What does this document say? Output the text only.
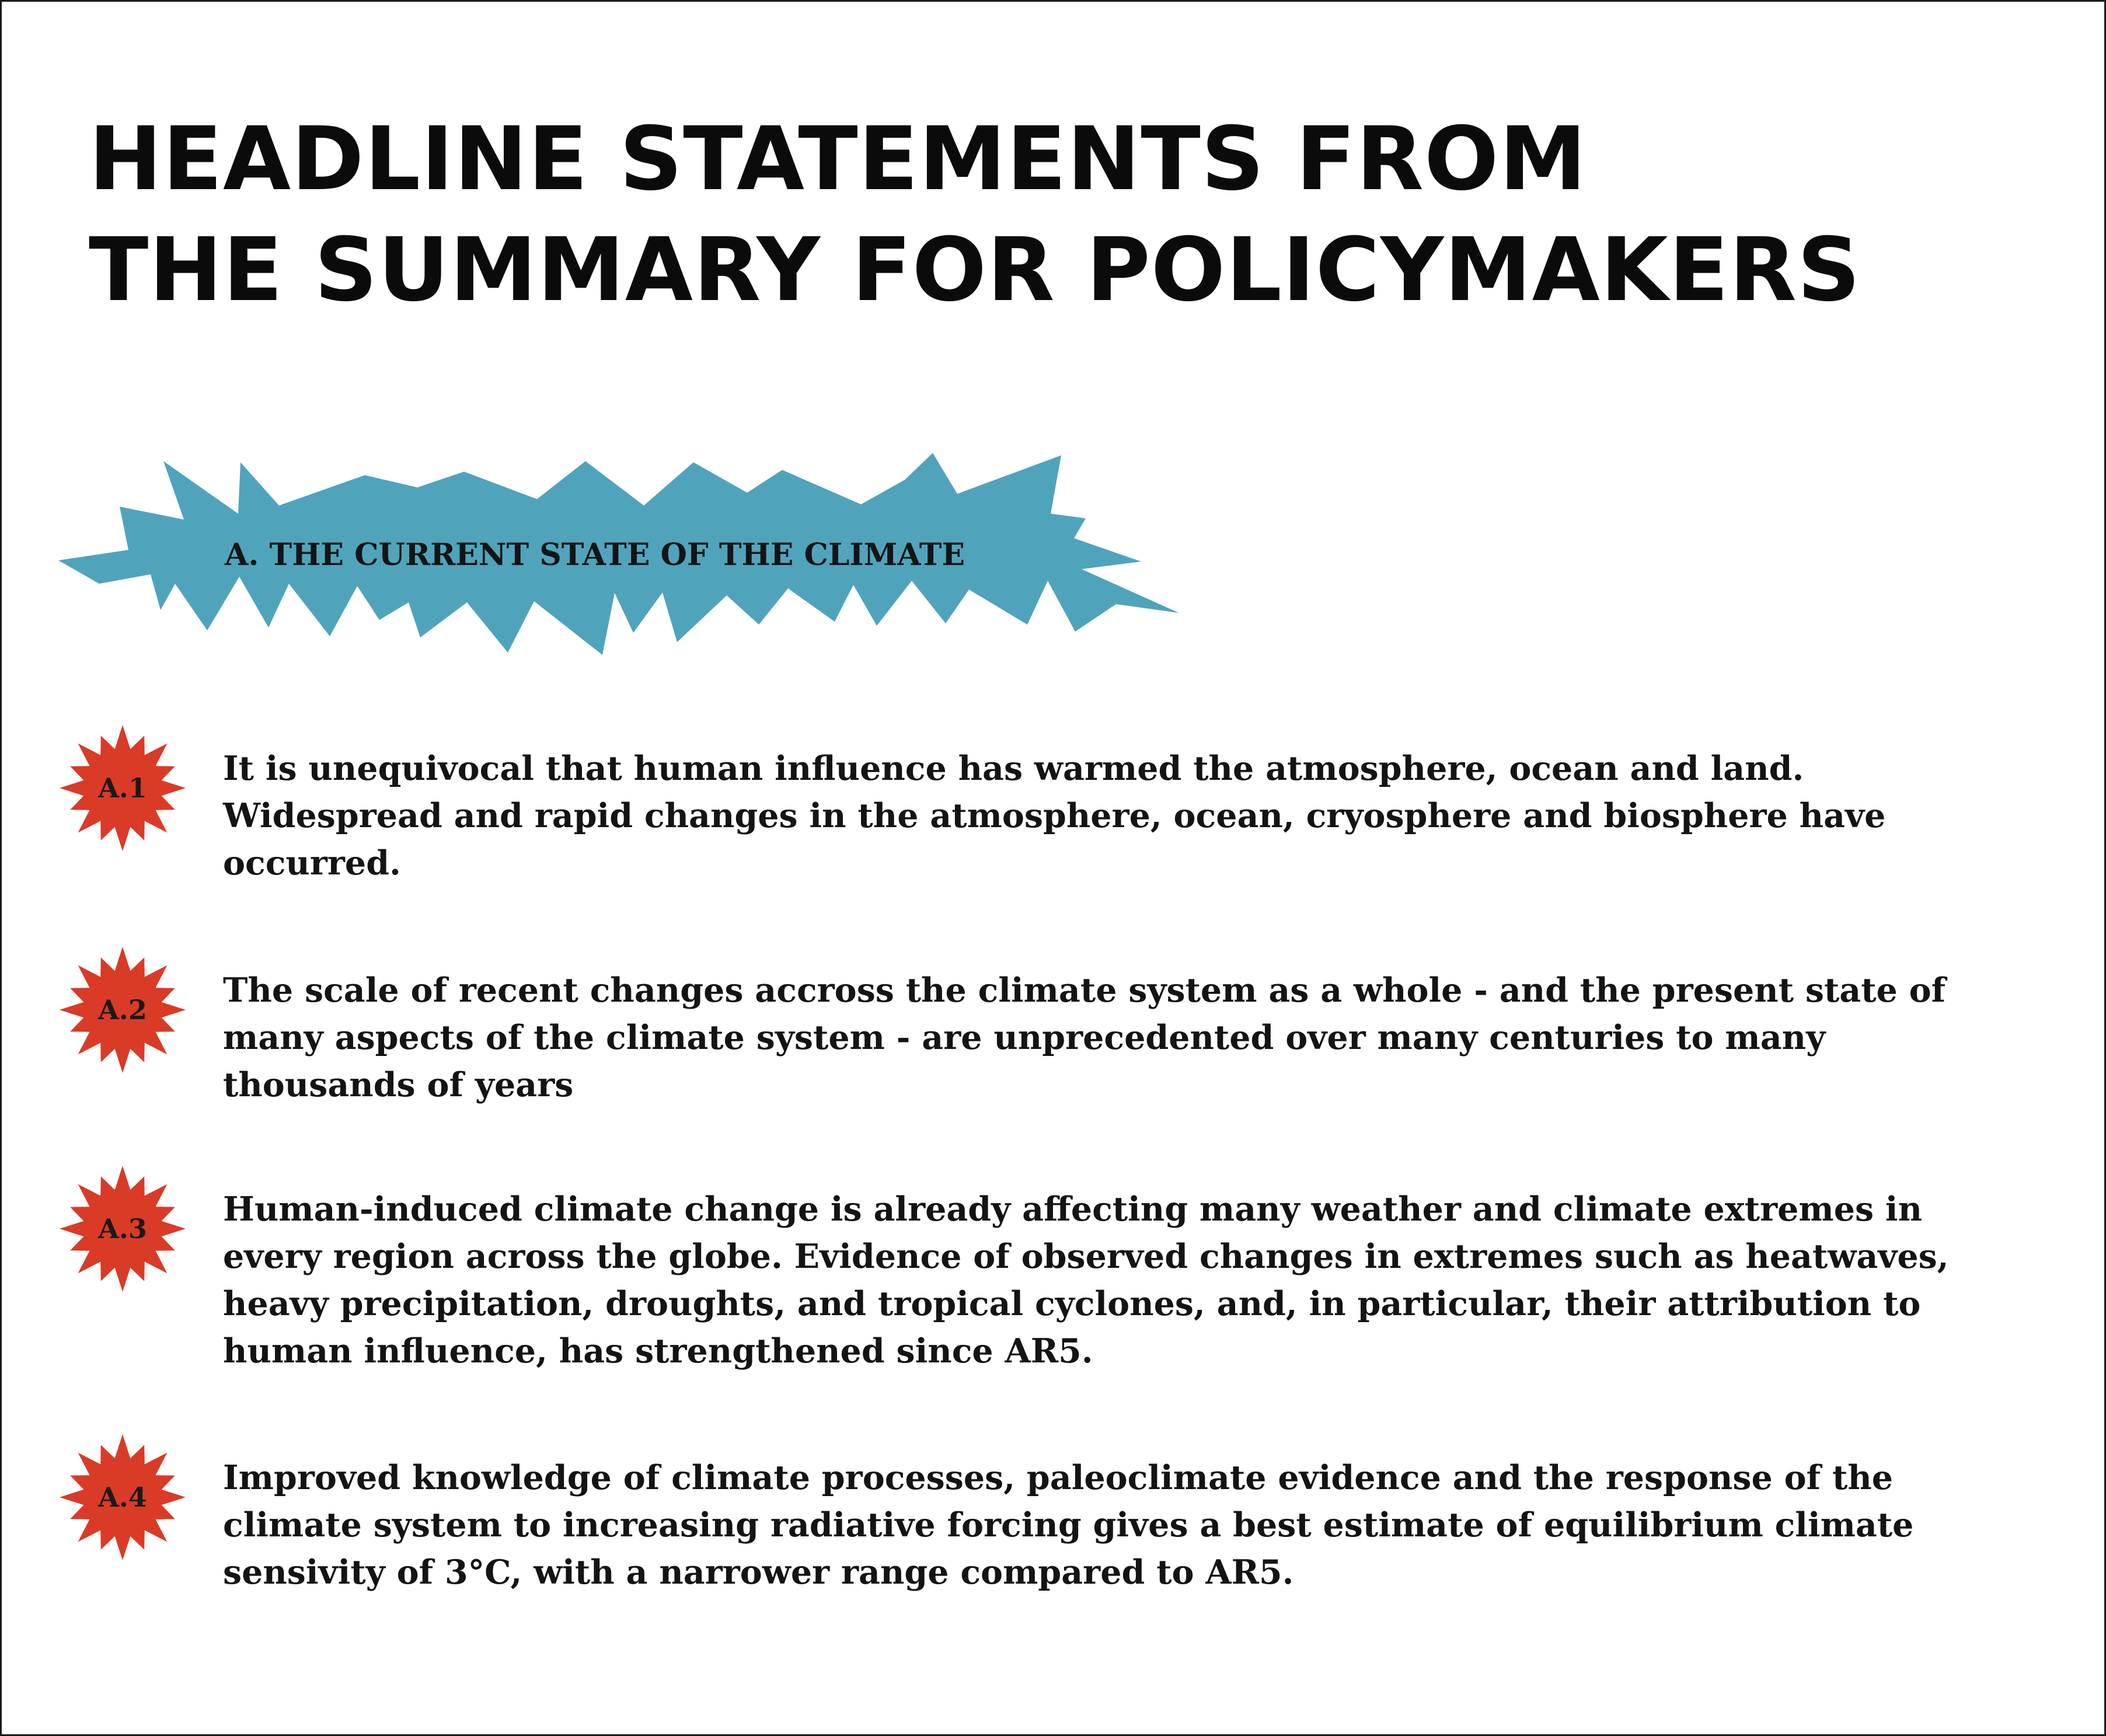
HEADLINE STATEMENTS FROM
THE SUMMARY FOR POLICYMAKERS
A. THE CURRENT STATE OF THE CLIMATE
A.1	It is unequivocal that human influence has warmed the atmosphere, ocean and land.
Widespread and rapid changes in the atmosphere, ocean, cryosphere and biosphere have
occurred.

A.2	The scale of recent changes accross the climate system as a whole - and the present state of
many aspects of the climate system - are unprecedented over many centuries to many
thousands of years

A.3	Human-induced climate change is already affecting many weather and climate extremes in
every region across the globe. Evidence of observed changes in extremes such as heatwaves,
heavy precipitation, droughts, and tropical cyclones, and, in particular, their attribution to
human influence, has strengthened since AR5.

A.4	Improved knowledge of climate processes, paleoclimate evidence and the response of the
climate system to increasing radiative forcing gives a best estimate of equilibrium climate
sensivity of 3°C, with a narrower range compared to AR5.
